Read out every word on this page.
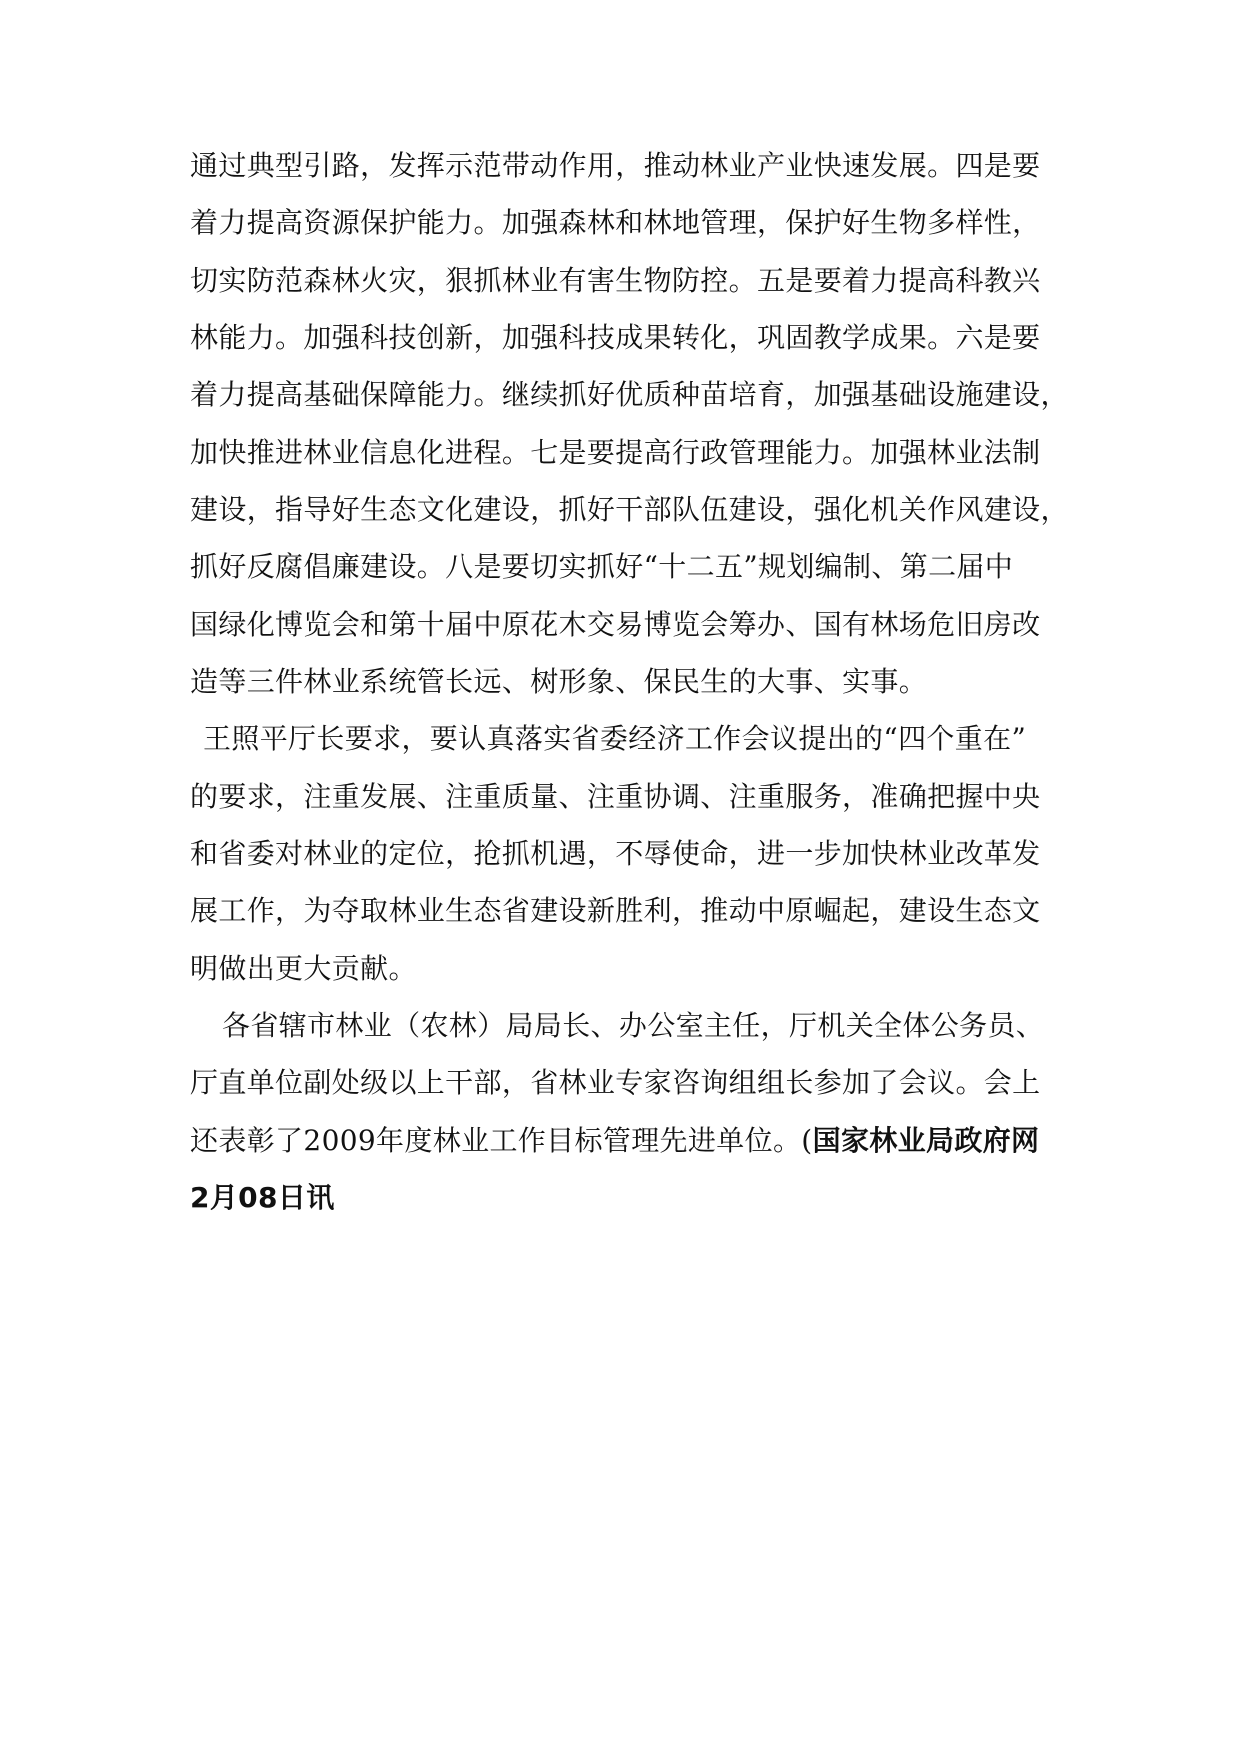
通过典型引路，发挥示范带动作用，推动林业产业快速发展。四是要
着力提高资源保护能力。加强森林和林地管理，保护好生物多样性，
切实防范森林火灾，狠抓林业有害生物防控。五是要着力提高科教兴
林能力。加强科技创新，加强科技成果转化，巩固教学成果。六是要
着力提高基础保障能力。继续抓好优质种苗培育，加强基础设施建设，
加快推进林业信息化进程。七是要提高行政管理能力。加强林业法制
建设，指导好生态文化建设，抓好干部队伍建设，强化机关作风建设，
抓好反腐倡廉建设。八是要切实抓好“十二五”规划编制、第二届中
国绿化博览会和第十届中原花木交易博览会筹办、国有林场危旧房改
造等三件林业系统管长远、树形象、保民生的大事、实事。
王照平厅长要求，要认真落实省委经济工作会议提出的“四个重在”
的要求，注重发展、注重质量、注重协调、注重服务，准确把握中央
和省委对林业的定位，抢抓机遇，不辱使命，进一步加快林业改革发
展工作，为夺取林业生态省建设新胜利，推动中原崛起，建设生态文
明做出更大贡献。
各省辖市林业（农林）局局长、办公室主任，厅机关全体公务员、
厅直单位副处级以上干部，省林业专家咨询组组长参加了会议。会上
还表彰了2009年度林业工作目标管理先进单位。(国家林业局政府网
2月08日讯
